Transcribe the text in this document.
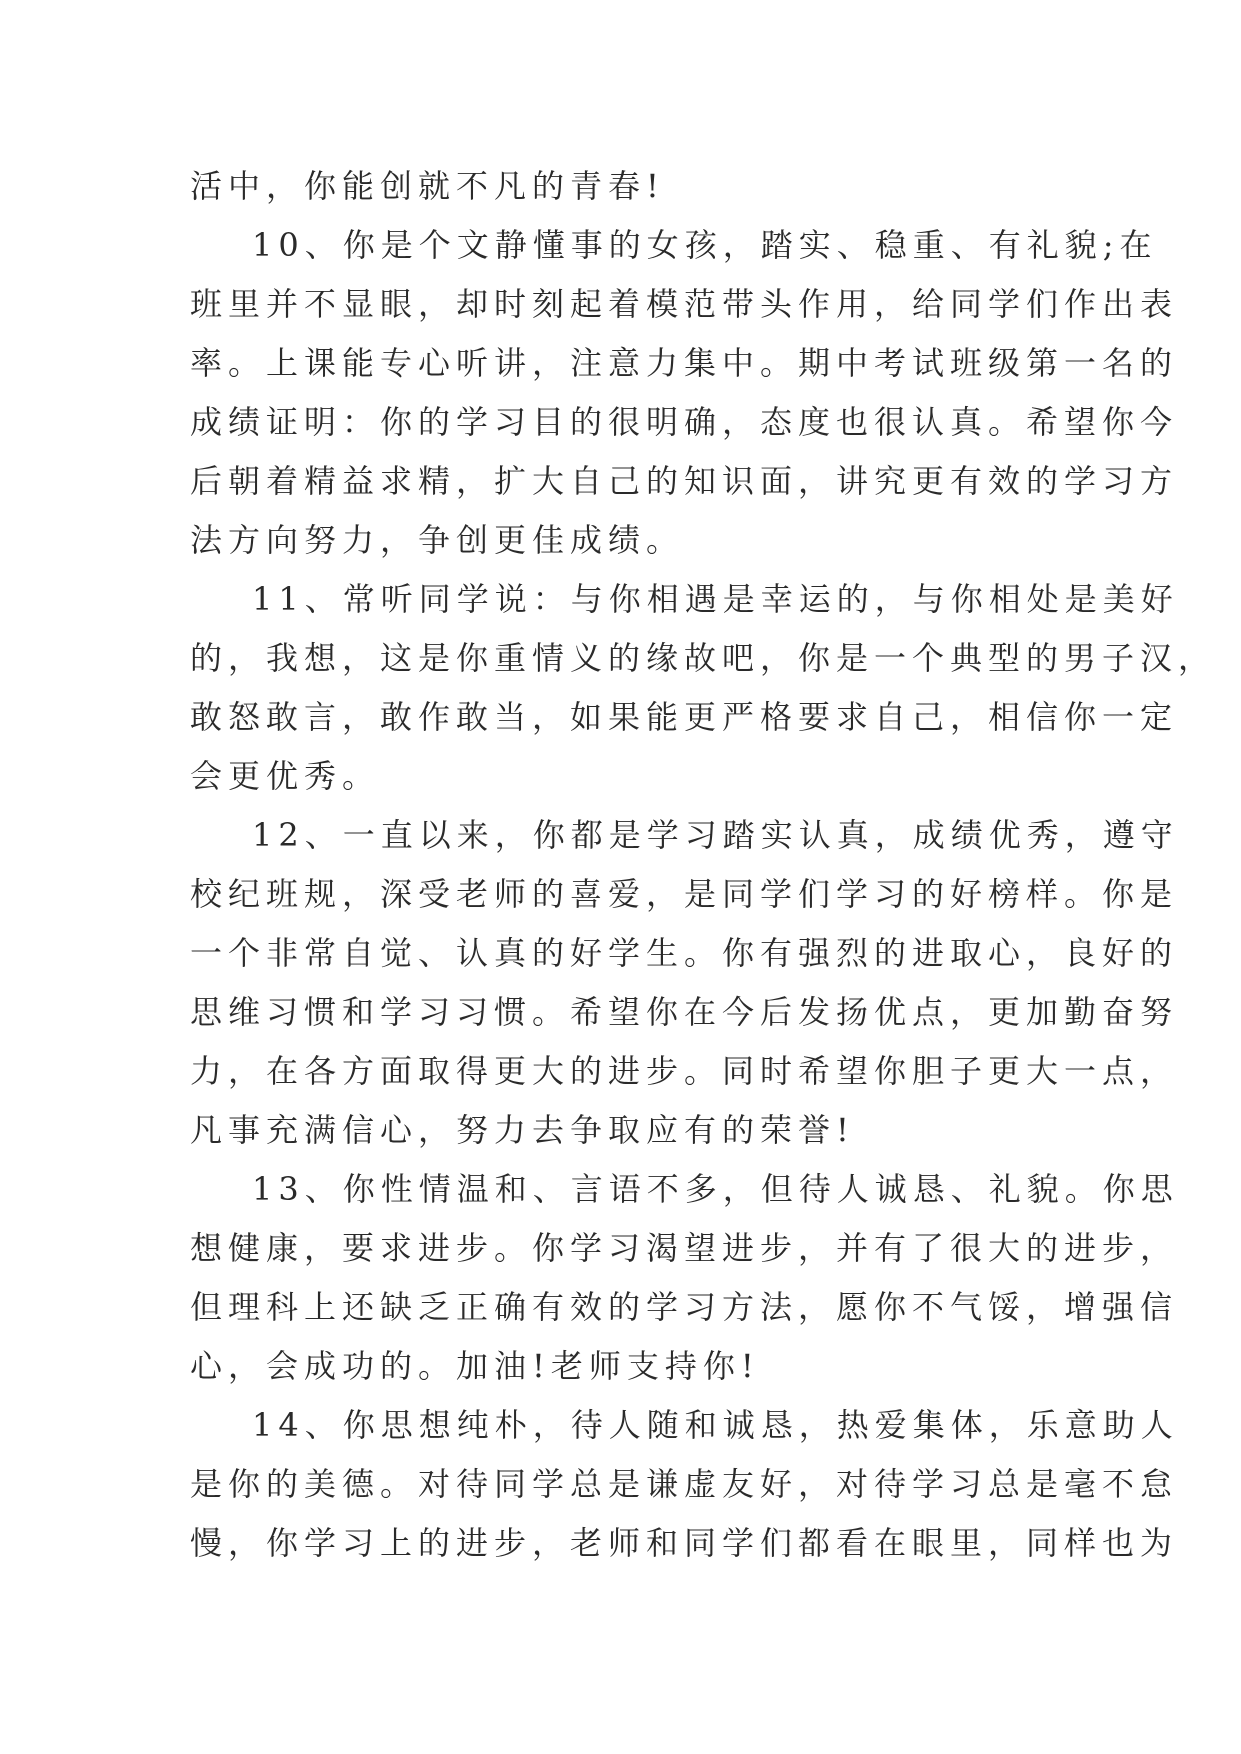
活中，你能创就不凡的青春!
10、你是个文静懂事的女孩，踏实、稳重、有礼貌;在
班里并不显眼，却时刻起着模范带头作用，给同学们作出表
率。上课能专心听讲，注意力集中。期中考试班级第一名的
成绩证明：你的学习目的很明确，态度也很认真。希望你今
后朝着精益求精，扩大自己的知识面，讲究更有效的学习方
法方向努力，争创更佳成绩。
11、常听同学说：与你相遇是幸运的，与你相处是美好
的，我想，这是你重情义的缘故吧，你是一个典型的男子汉，
敢怒敢言，敢作敢当，如果能更严格要求自己，相信你一定
会更优秀。
12、一直以来，你都是学习踏实认真，成绩优秀，遵守
校纪班规，深受老师的喜爱，是同学们学习的好榜样。你是
一个非常自觉、认真的好学生。你有强烈的进取心，良好的
思维习惯和学习习惯。希望你在今后发扬优点，更加勤奋努
力，在各方面取得更大的进步。同时希望你胆子更大一点，
凡事充满信心，努力去争取应有的荣誉!
13、你性情温和、言语不多，但待人诚恳、礼貌。你思
想健康，要求进步。你学习渴望进步，并有了很大的进步，
但理科上还缺乏正确有效的学习方法，愿你不气馁，增强信
心，会成功的。加油!老师支持你!
14、你思想纯朴，待人随和诚恳，热爱集体，乐意助人
是你的美德。对待同学总是谦虚友好，对待学习总是毫不怠
慢，你学习上的进步，老师和同学们都看在眼里，同样也为
